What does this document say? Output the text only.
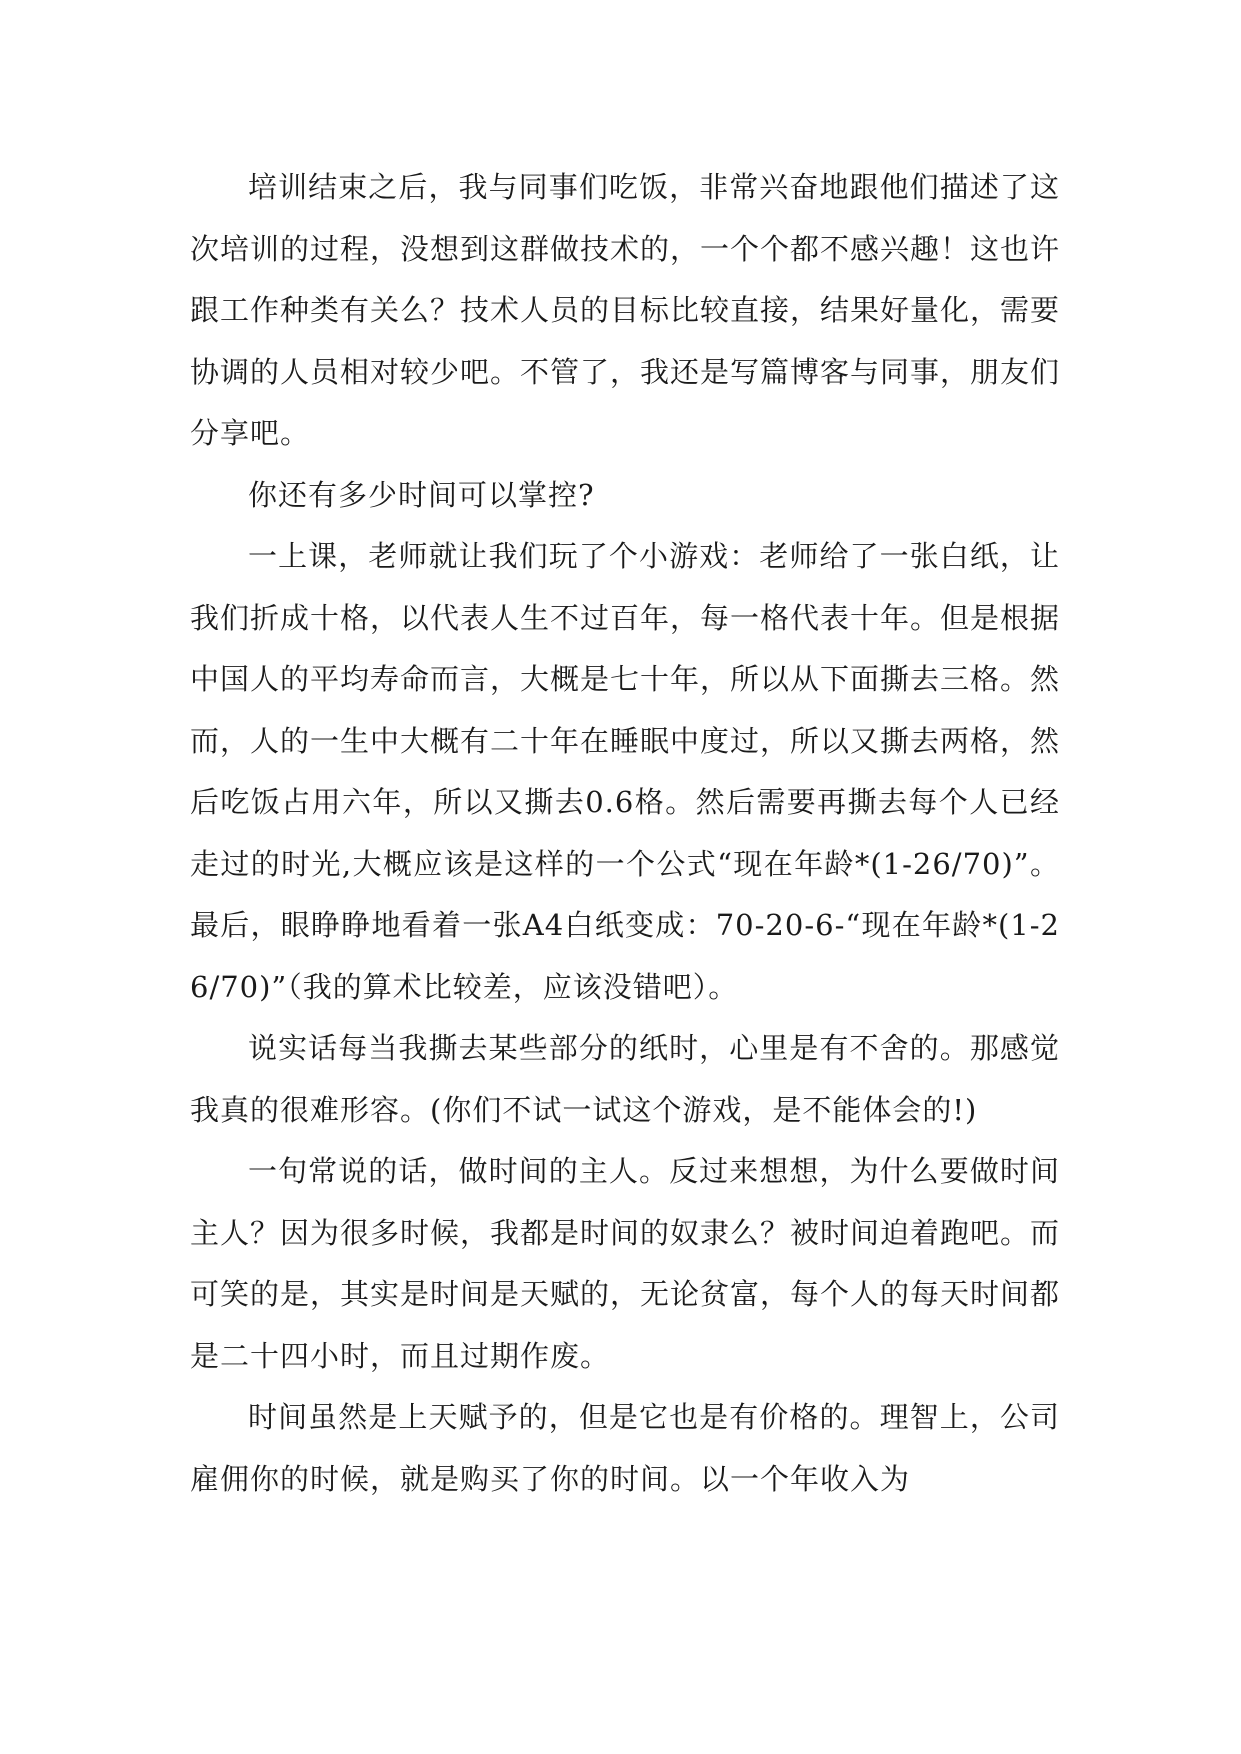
培训结束之后，我与同事们吃饭，非常兴奋地跟他们描述了这次培训的过程，没想到这群做技术的，一个个都不感兴趣！这也许跟工作种类有关么？技术人员的目标比较直接，结果好量化，需要协调的人员相对较少吧。不管了，我还是写篇博客与同事，朋友们分享吧。

你还有多少时间可以掌控?

一上课，老师就让我们玩了个小游戏：老师给了一张白纸，让我们折成十格，以代表人生不过百年，每一格代表十年。但是根据中国人的平均寿命而言，大概是七十年，所以从下面撕去三格。然而，人的一生中大概有二十年在睡眠中度过，所以又撕去两格，然后吃饭占用六年，所以又撕去0.6格。然后需要再撕去每个人已经走过的时光,大概应该是这样的一个公式“现在年龄*(1-26/70)”。最后，眼睁睁地看着一张A4白纸变成：70-20-6-“现在年龄*(1-26/70)”（我的算术比较差，应该没错吧）。

说实话每当我撕去某些部分的纸时，心里是有不舍的。那感觉我真的很难形容。(你们不试一试这个游戏，是不能体会的!)

一句常说的话，做时间的主人。反过来想想，为什么要做时间主人？因为很多时候，我都是时间的奴隶么？被时间迫着跑吧。而可笑的是，其实是时间是天赋的，无论贫富，每个人的每天时间都是二十四小时，而且过期作废。

时间虽然是上天赋予的，但是它也是有价格的。理智上，公司雇佣你的时候，就是购买了你的时间。以一个年收入为
